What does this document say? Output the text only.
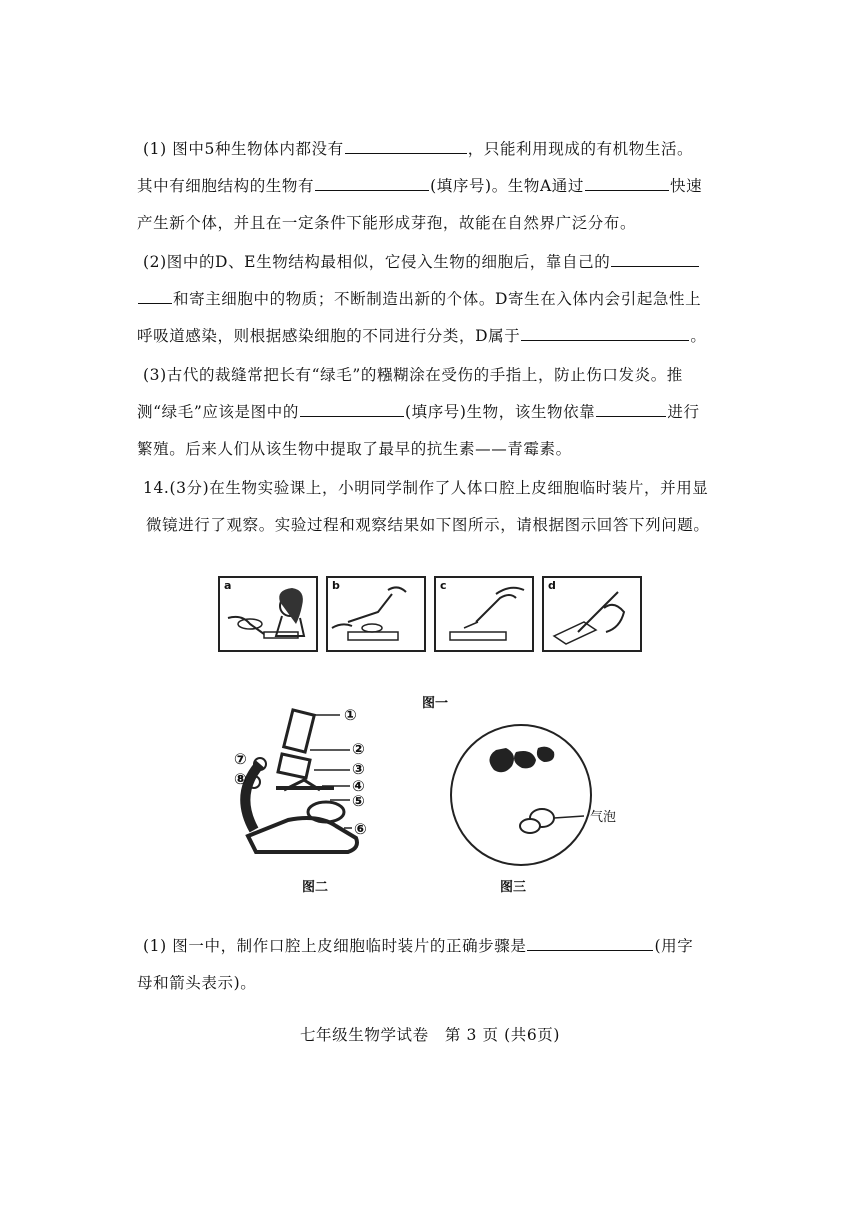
(1) 图中5种生物体内都没有	，只能利用现成的有机物生活。
其中有细胞结构的生物有	(填序号)。生物A通过	快速
产生新个体，并且在一定条件下能形成芽孢，故能在自然界广泛分布。
(2)图中的D、E生物结构最相似，它侵入生物的细胞后，靠自己的
和寄主细胞中的物质；不断制造出新的个体。D寄生在入体内会引起急性上
呼吸道感染，则根据感染细胞的不同进行分类，D属于	。
(3)古代的裁缝常把长有“绿毛”的糨糊涂在受伤的手指上，防止伤口发炎。推
测“绿毛”应该是图中的	(填序号)生物，该生物依靠	进行
繁殖。后来人们从该生物中提取了最早的抗生素——青霉素。
14.(3分)在生物实验课上，小明同学制作了人体口腔上皮细胞临时装片，并用显
微镜进行了观察。实验过程和观察结果如下图所示，请根据图示回答下列问题。
a	b	c	d
图一
①
②
③
④
⑤
⑥
⑦
⑧
图二
气泡
图三
(1) 图一中，制作口腔上皮细胞临时装片的正确步骤是	(用字
母和箭头表示)。
七年级生物学试卷　第 3 页 (共6页)
